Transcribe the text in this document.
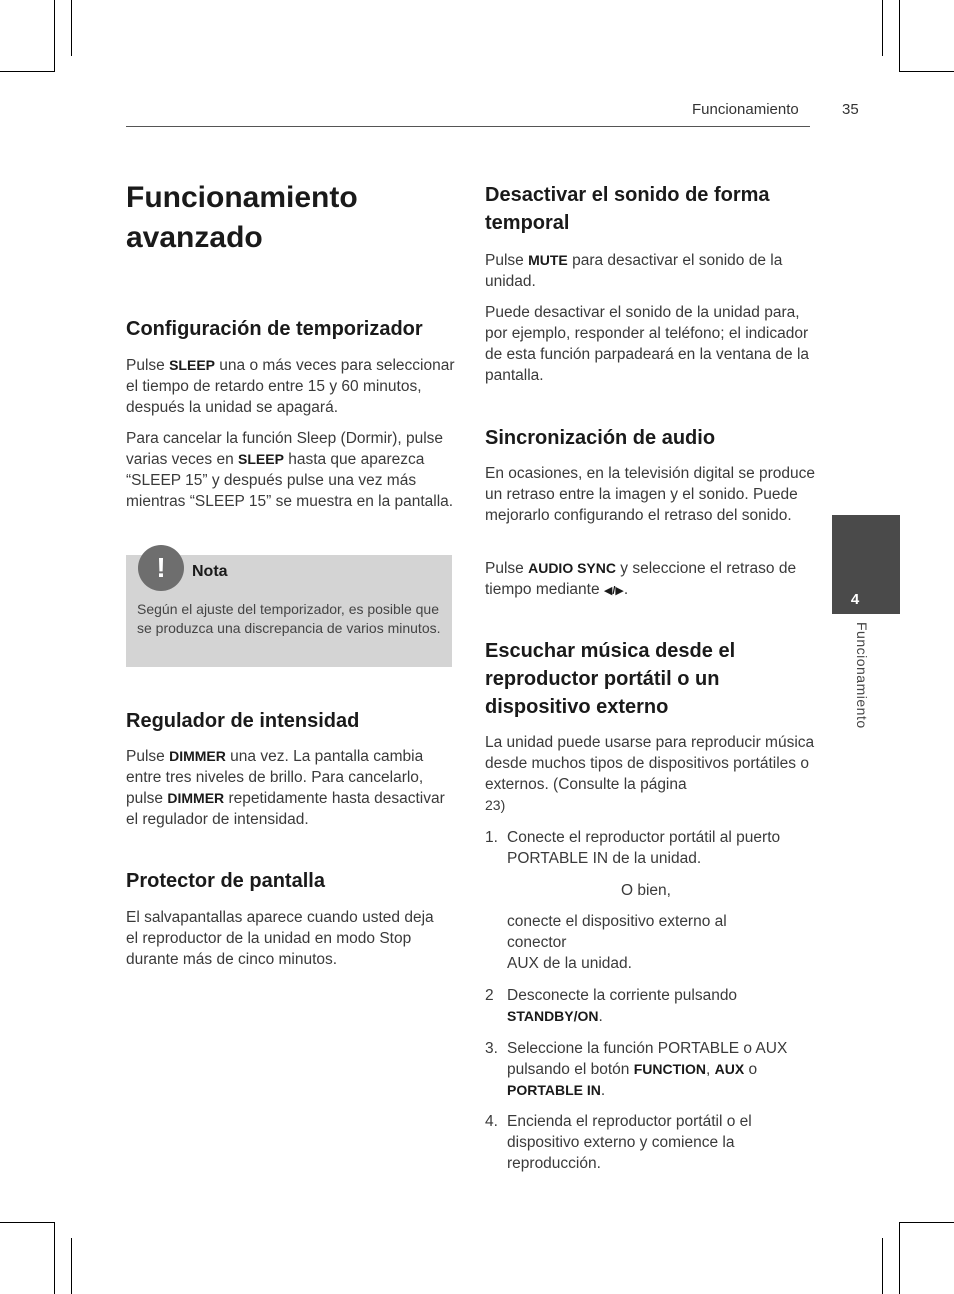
Funcionamiento	35
Funcionamiento avanzado
Configuración de temporizador

Pulse SLEEP una o más veces para seleccionar el tiempo de retardo entre 15 y 60 minutos, después la unidad se apagará.

Para cancelar la función Sleep (Dormir), pulse varias veces en SLEEP hasta que aparezca “SLEEP 15” y después pulse una vez más mientras “SLEEP 15” se muestra en la pantalla.

!	Nota
Según el ajuste del temporizador, es posible que se produzca una discrepancia de varios minutos.
Regulador de intensidad

Pulse DIMMER una vez. La pantalla cambia entre tres niveles de brillo. Para cancelarlo, pulse DIMMER repetidamente hasta desactivar el regulador de intensidad.

Protector de pantalla

El salvapantallas aparece cuando usted deja el reproductor de la unidad en modo Stop durante más de cinco minutos.

Desactivar el sonido de forma temporal

Pulse MUTE para desactivar el sonido de la unidad.

Puede desactivar el sonido de la unidad para, por ejemplo, responder al teléfono; el indicador de esta función parpadeará en la ventana de la pantalla.

Sincronización de audio

En ocasiones, en la televisión digital se produce un retraso entre la imagen y el sonido. Puede mejorarlo configurando el retraso del sonido.

Pulse AUDIO SYNC y seleccione el retraso de tiempo mediante ◀/▶.

Escuchar música desde el reproductor portátil o un dispositivo externo

La unidad puede usarse para reproducir música desde muchos tipos de dispositivos portátiles o externos. (Consulte la página
23)

1. Conecte el reproductor portátil al puerto PORTABLE IN de la unidad.

O bien,

conecte el dispositivo externo al conector
AUX de la unidad.

2 Desconecte la corriente pulsando
STANDBY/ON.

3. Seleccione la función PORTABLE o AUX pulsando el botón FUNCTION, AUX o
PORTABLE IN.

4. Encienda el reproductor portátil o el dispositivo externo y comience la reproducción.

4
Funcionamiento
